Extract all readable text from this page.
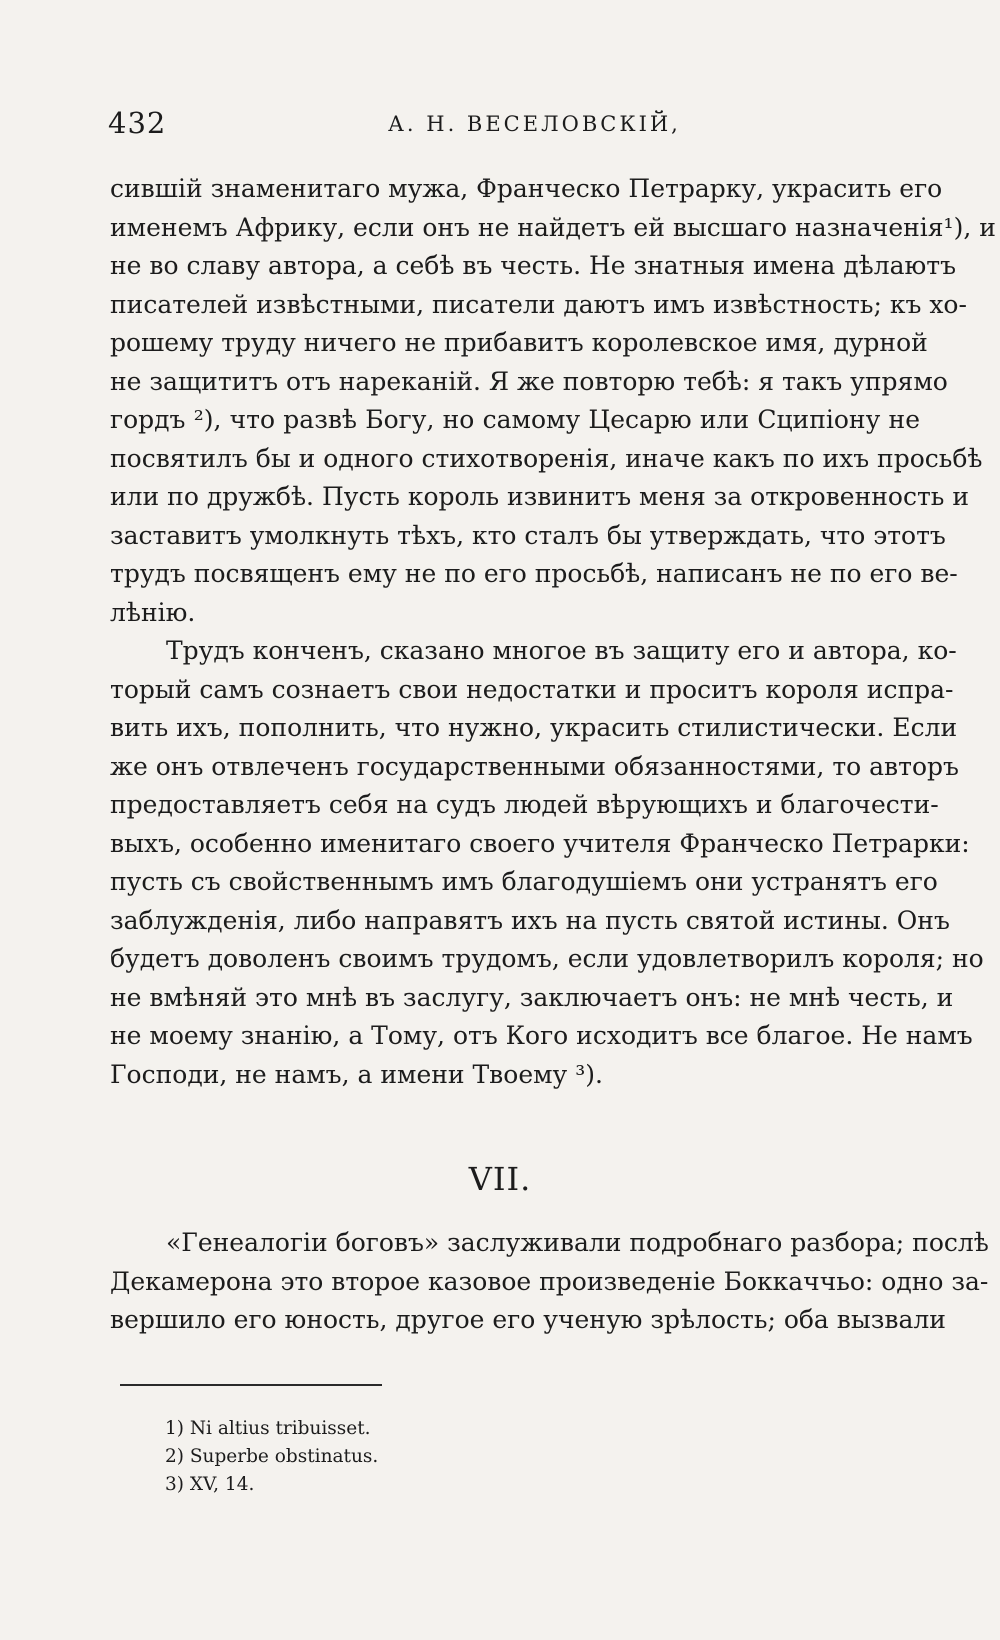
432	А. Н. ВЕСЕЛОВСКІЙ,
сившій знаменитаго мужа, Франческо Петрарку, украсить его
именемъ Африку, если онъ не найдетъ ей высшаго назначенія¹), и
не во славу автора, а себѣ въ честь. Не знатныя имена дѣлаютъ
писателей извѣстными, писатели даютъ имъ извѣстность; къ хо-
рошему труду ничего не прибавитъ королевское имя, дурной
не защититъ отъ нареканій. Я же повторю тебѣ: я такъ упрямо
гордъ ²), что развѣ Богу, но самому Цесарю или Сципіону не
посвятилъ бы и одного стихотворенія, иначе какъ по ихъ просьбѣ
или по дружбѣ. Пусть король извинитъ меня за откровенность и
заставитъ умолкнуть тѣхъ, кто сталъ бы утверждать, что этотъ
трудъ посвященъ ему не по его просьбѣ, написанъ не по его ве-
лѣнію.
Трудъ конченъ, сказано многое въ защиту его и автора, ко-
торый самъ сознаетъ свои недостатки и проситъ короля испра-
вить ихъ, пополнить, что нужно, украсить стилистически. Если
же онъ отвлеченъ государственными обязанностями, то авторъ
предоставляетъ себя на судъ людей вѣрующихъ и благочести-
выхъ, особенно именитаго своего учителя Франческо Петрарки:
пусть съ свойственнымъ имъ благодушіемъ они устранятъ его
заблужденія, либо направятъ ихъ на пусть святой истины. Онъ
будетъ доволенъ своимъ трудомъ, если удовлетворилъ короля; но
не вмѣняй это мнѣ въ заслугу, заключаетъ онъ: не мнѣ честь, и
не моему знанію, а Тому, отъ Кого исходитъ все благое. Не намъ
Господи, не намъ, а имени Твоему ³).
VII.
«Генеалогіи боговъ» заслуживали подробнаго разбора; послѣ
Декамерона это второе казовое произведеніе Боккаччьо: одно за-
вершило его юность, другое его ученую зрѣлость; оба вызвали
1) Ni altius tribuisset.
2) Superbe obstinatus.
3) XV, 14.
